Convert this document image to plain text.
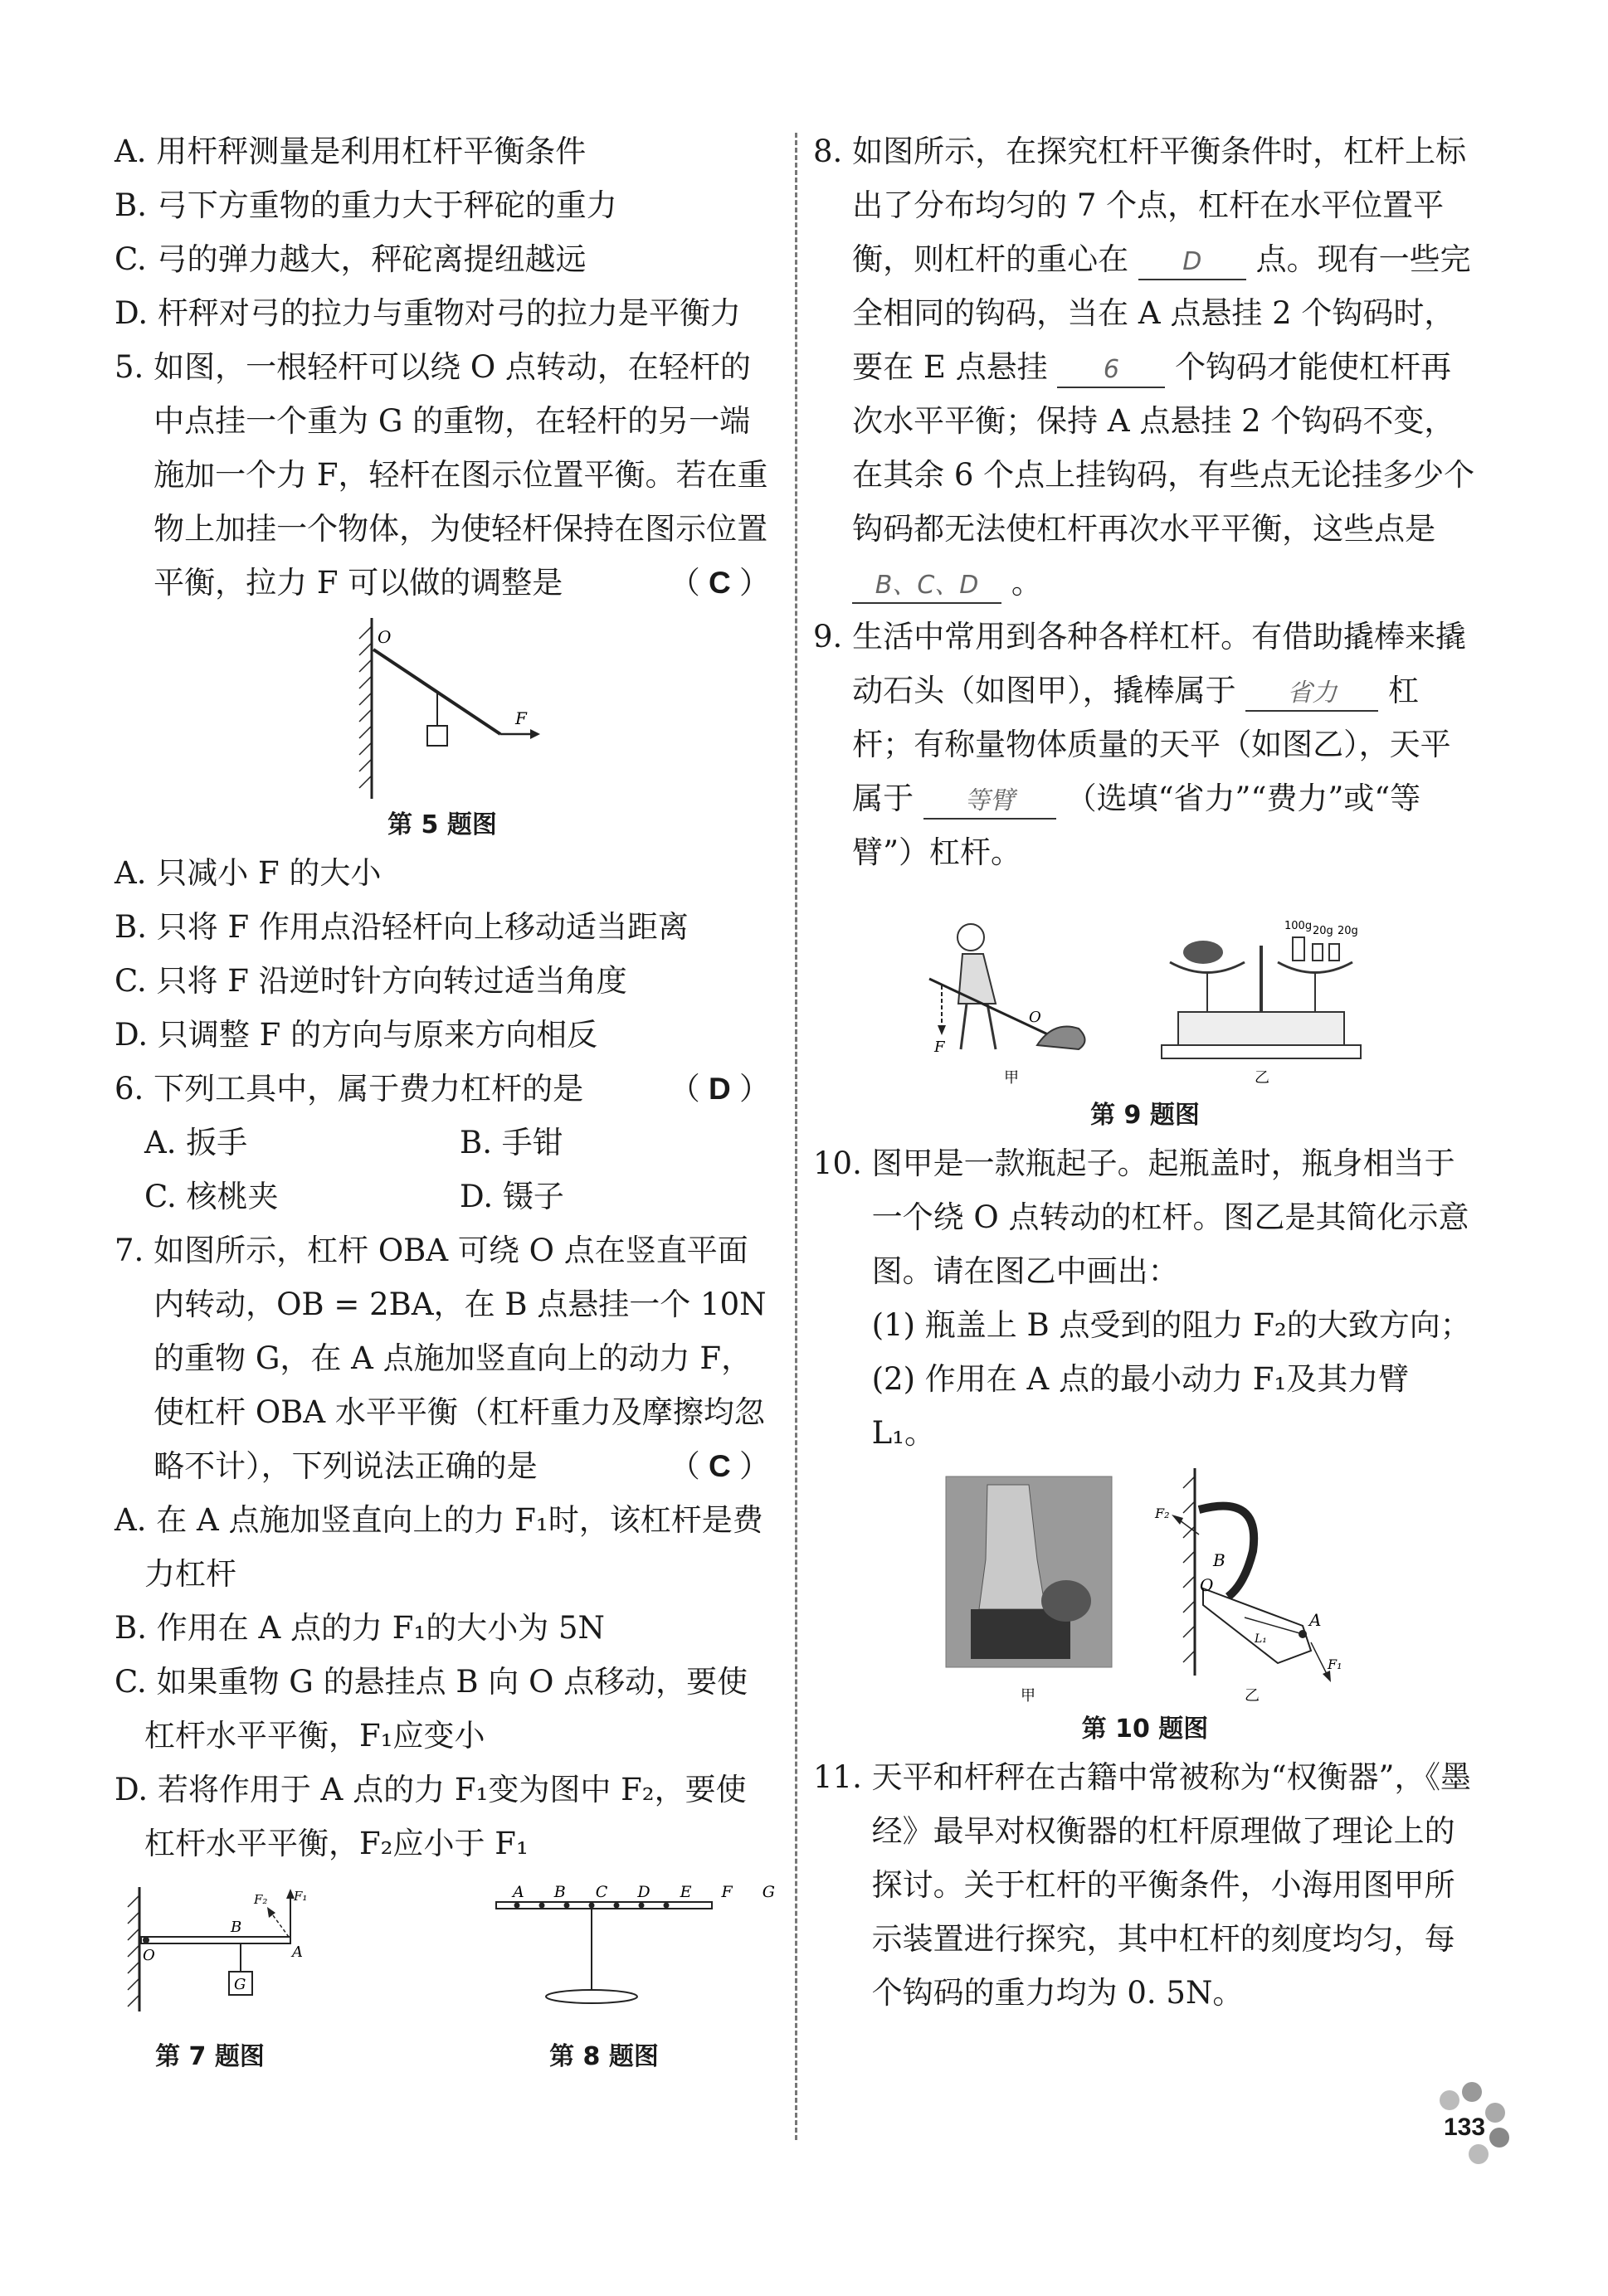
A. 用杆秤测量是利用杠杆平衡条件
B. 弓下方重物的重力大于秤砣的重力
C. 弓的弹力越大，秤砣离提纽越远
D. 杆秤对弓的拉力与重物对弓的拉力是平衡力
5. 如图，一根轻杆可以绕 O 点转动，在轻杆的中点挂一个重为 G 的重物，在轻杆的另一端施加一个力 F，轻杆在图示位置平衡。若在重物上加挂一个物体，为使轻杆保持在图示位置平衡，拉力 F 可以做的调整是	（ C ）
O
F
第 5 题图
A. 只减小 F 的大小
B. 只将 F 作用点沿轻杆向上移动适当距离
C. 只将 F 沿逆时针方向转过适当角度
D. 只调整 F 的方向与原来方向相反
6. 下列工具中，属于费力杠杆的是	（ D ）
A. 扳手	B. 手钳
C. 核桃夹	D. 镊子
7. 如图所示，杠杆 OBA 可绕 O 点在竖直平面内转动，OB = 2BA，在 B 点悬挂一个 10N 的重物 G，在 A 点施加竖直向上的动力 F，使杠杆 OBA 水平平衡（杠杆重力及摩擦均忽略不计），下列说法正确的是	（ C ）
A. 在 A 点施加竖直向上的力 F₁时，该杠杆是费力杠杆
B. 作用在 A 点的力 F₁的大小为 5N
C. 如果重物 G 的悬挂点 B 向 O 点移动，要使杠杆水平平衡，F₁应变小
D. 若将作用于 A 点的力 F₁变为图中 F₂，要使杠杆水平平衡，F₂应小于 F₁
O
B
A
G
F₁
F₂
第 7 题图
A B C D E F G
第 8 题图
8. 如图所示，在探究杠杆平衡条件时，杠杆上标出了分布均匀的 7 个点，杠杆在水平位置平衡，则杠杆的重心在 D 点。现有一些完全相同的钩码，当在 A 点悬挂 2 个钩码时，要在 E 点悬挂 6 个钩码才能使杠杆再次水平平衡；保持 A 点悬挂 2 个钩码不变，在其余 6 个点上挂钩码，有些点无论挂多少个钩码都无法使杠杆再次水平平衡，这些点是 B、C、D 。
9. 生活中常用到各种各样杠杆。有借助撬棒来撬动石头（如图甲），撬棒属于 省力 杠杆；有称量物体质量的天平（如图乙），天平属于 等臂 （选填“省力”“费力”或“等臂”）杠杆。
O
F
甲
100g 20g 20g
乙
第 9 题图
10. 图甲是一款瓶起子。起瓶盖时，瓶身相当于一个绕 O 点转动的杠杆。图乙是其简化示意图。请在图乙中画出：
(1) 瓶盖上 B 点受到的阻力 F₂的大致方向；
(2) 作用在 A 点的最小动力 F₁及其力臂 L₁。
甲
B
O
A
F₂
F₁
L₁
乙
第 10 题图
11. 天平和杆秤在古籍中常被称为“权衡器”，《墨经》最早对权衡器的杠杆原理做了理论上的探讨。关于杠杆的平衡条件，小海用图甲所示装置进行探究，其中杠杆的刻度均匀，每个钩码的重力均为 0. 5N。
133
